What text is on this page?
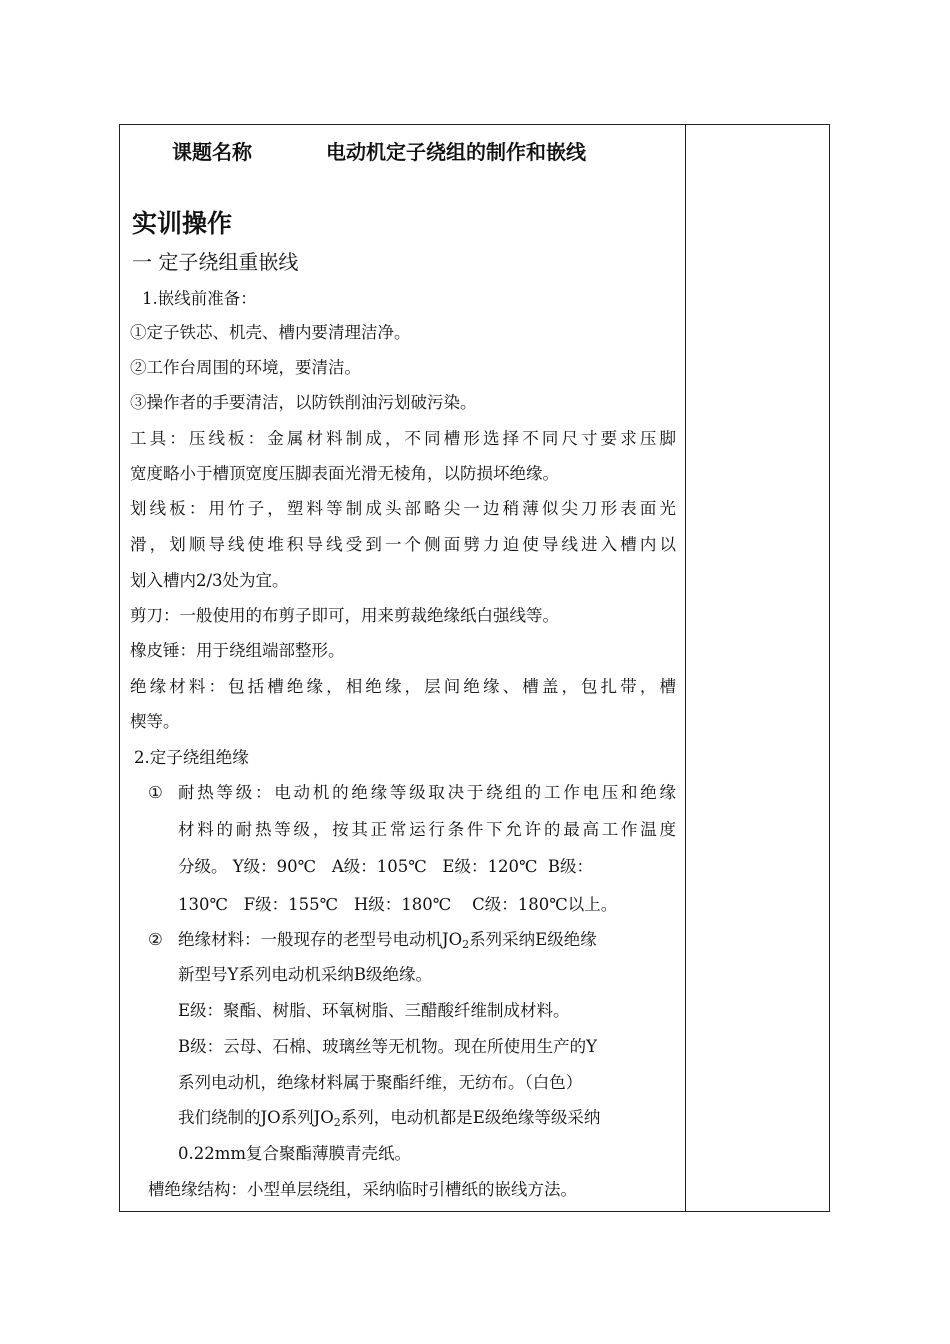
课题名称	电动机定子绕组的制作和嵌线
实训操作
一 定子绕组重嵌线
1.嵌线前准备：
①定子铁芯、机壳、槽内要清理洁净。
②工作台周围的环境，要清洁。
③操作者的手要清洁，以防铁削油污划破污染。
工具：压线板：金属材料制成，不同槽形选择不同尺寸要求压脚
宽度略小于槽顶宽度压脚表面光滑无棱角，以防损坏绝缘。
划线板：用竹子，塑料等制成头部略尖一边稍薄似尖刀形表面光
滑，划顺导线使堆积导线受到一个侧面劈力迫使导线进入槽内以
划入槽内2/3处为宜。
剪刀：一般使用的布剪子即可，用来剪裁绝缘纸白强线等。
橡皮锤：用于绕组端部整形。
绝缘材料：包括槽绝缘，相绝缘，层间绝缘、槽盖，包扎带，槽
楔等。
2.定子绕组绝缘
① 耐热等级：电动机的绝缘等级取决于绕组的工作电压和绝缘
材料的耐热等级，按其正常运行条件下允许的最高工作温度
分级。 Y级：90℃   A级：105℃   E级：120℃  B级：
130℃   F级：155℃   H级：180℃    C级：180℃以上。
② 绝缘材料：一般现存的老型号电动机$JO_2$系列采纳E级绝缘
新型号Y系列电动机采纳B级绝缘。
E级：聚酯、树脂、环氧树脂、三醋酸纤维制成材料。
B级：云母、石棉、玻璃丝等无机物。现在所使用生产的Y
系列电动机，绝缘材料属于聚酯纤维，无纺布。（白色）
我们绕制的JO系列$JO_2$系列，电动机都是E级绝缘等级采纳
0.22mm复合聚酯薄膜青壳纸。
槽绝缘结构：小型单层绕组，采纳临时引槽纸的嵌线方法。
